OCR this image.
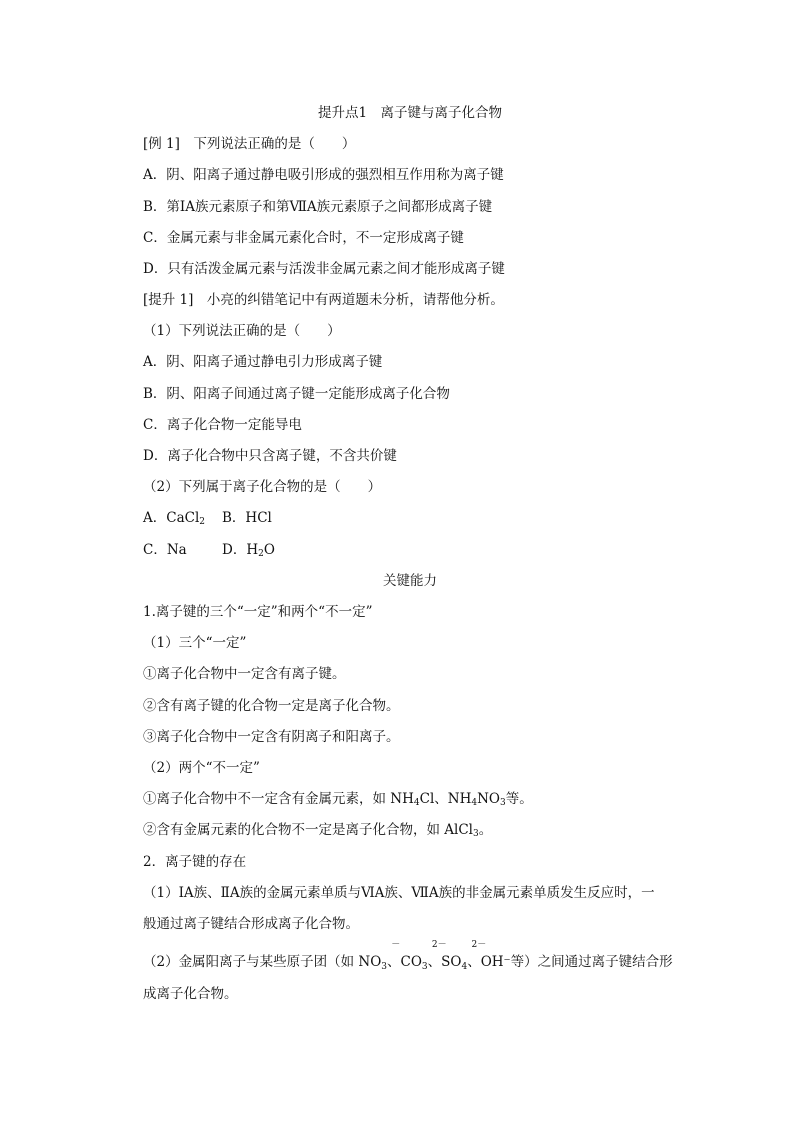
提升点1　离子键与离子化合物
[例 1]　下列说法正确的是（　　）
A．阴、阳离子通过静电吸引形成的强烈相互作用称为离子键
B．第ⅠA族元素原子和第ⅦA族元素原子之间都形成离子键
C．金属元素与非金属元素化合时，不一定形成离子键
D．只有活泼金属元素与活泼非金属元素之间才能形成离子键
[提升 1]　小亮的纠错笔记中有两道题未分析，请帮他分析。
（1）下列说法正确的是（　　）
A．阴、阳离子通过静电引力形成离子键
B．阴、阳离子间通过离子键一定能形成离子化合物
C．离子化合物一定能导电
D．离子化合物中只含离子键，不含共价键
（2）下列属于离子化合物的是（　　）
A．CaCl$_2$ B．HCl
C．Na	D．$H_2O$
关键能力
1.离子键的三个“一定”和两个“不一定”
（1）三个“一定”
①离子化合物中一定含有离子键。
②含有离子键的化合物一定是离子化合物。
③离子化合物中一定含有阴离子和阳离子。
（2）两个“不一定”
①离子化合物中不一定含有金属元素，如 $NH_4Cl$、$NH_4NO_3$等。
②含有金属元素的化合物不一定是离子化合物，如 AlCl$_3$。
2．离子键的存在
（1）ⅠA族、ⅡA族的金属元素单质与ⅥA族、ⅦA族的非金属元素单质发生反应时，一
般通过离子键结合形成离子化合物。
（2）金属阳离子与某些原子团（如 NO
－
$_3$、CO
2－
$_3$、SO
2－
$_4$、OH⁻等）之间通过离子键结合形
成离子化合物。
